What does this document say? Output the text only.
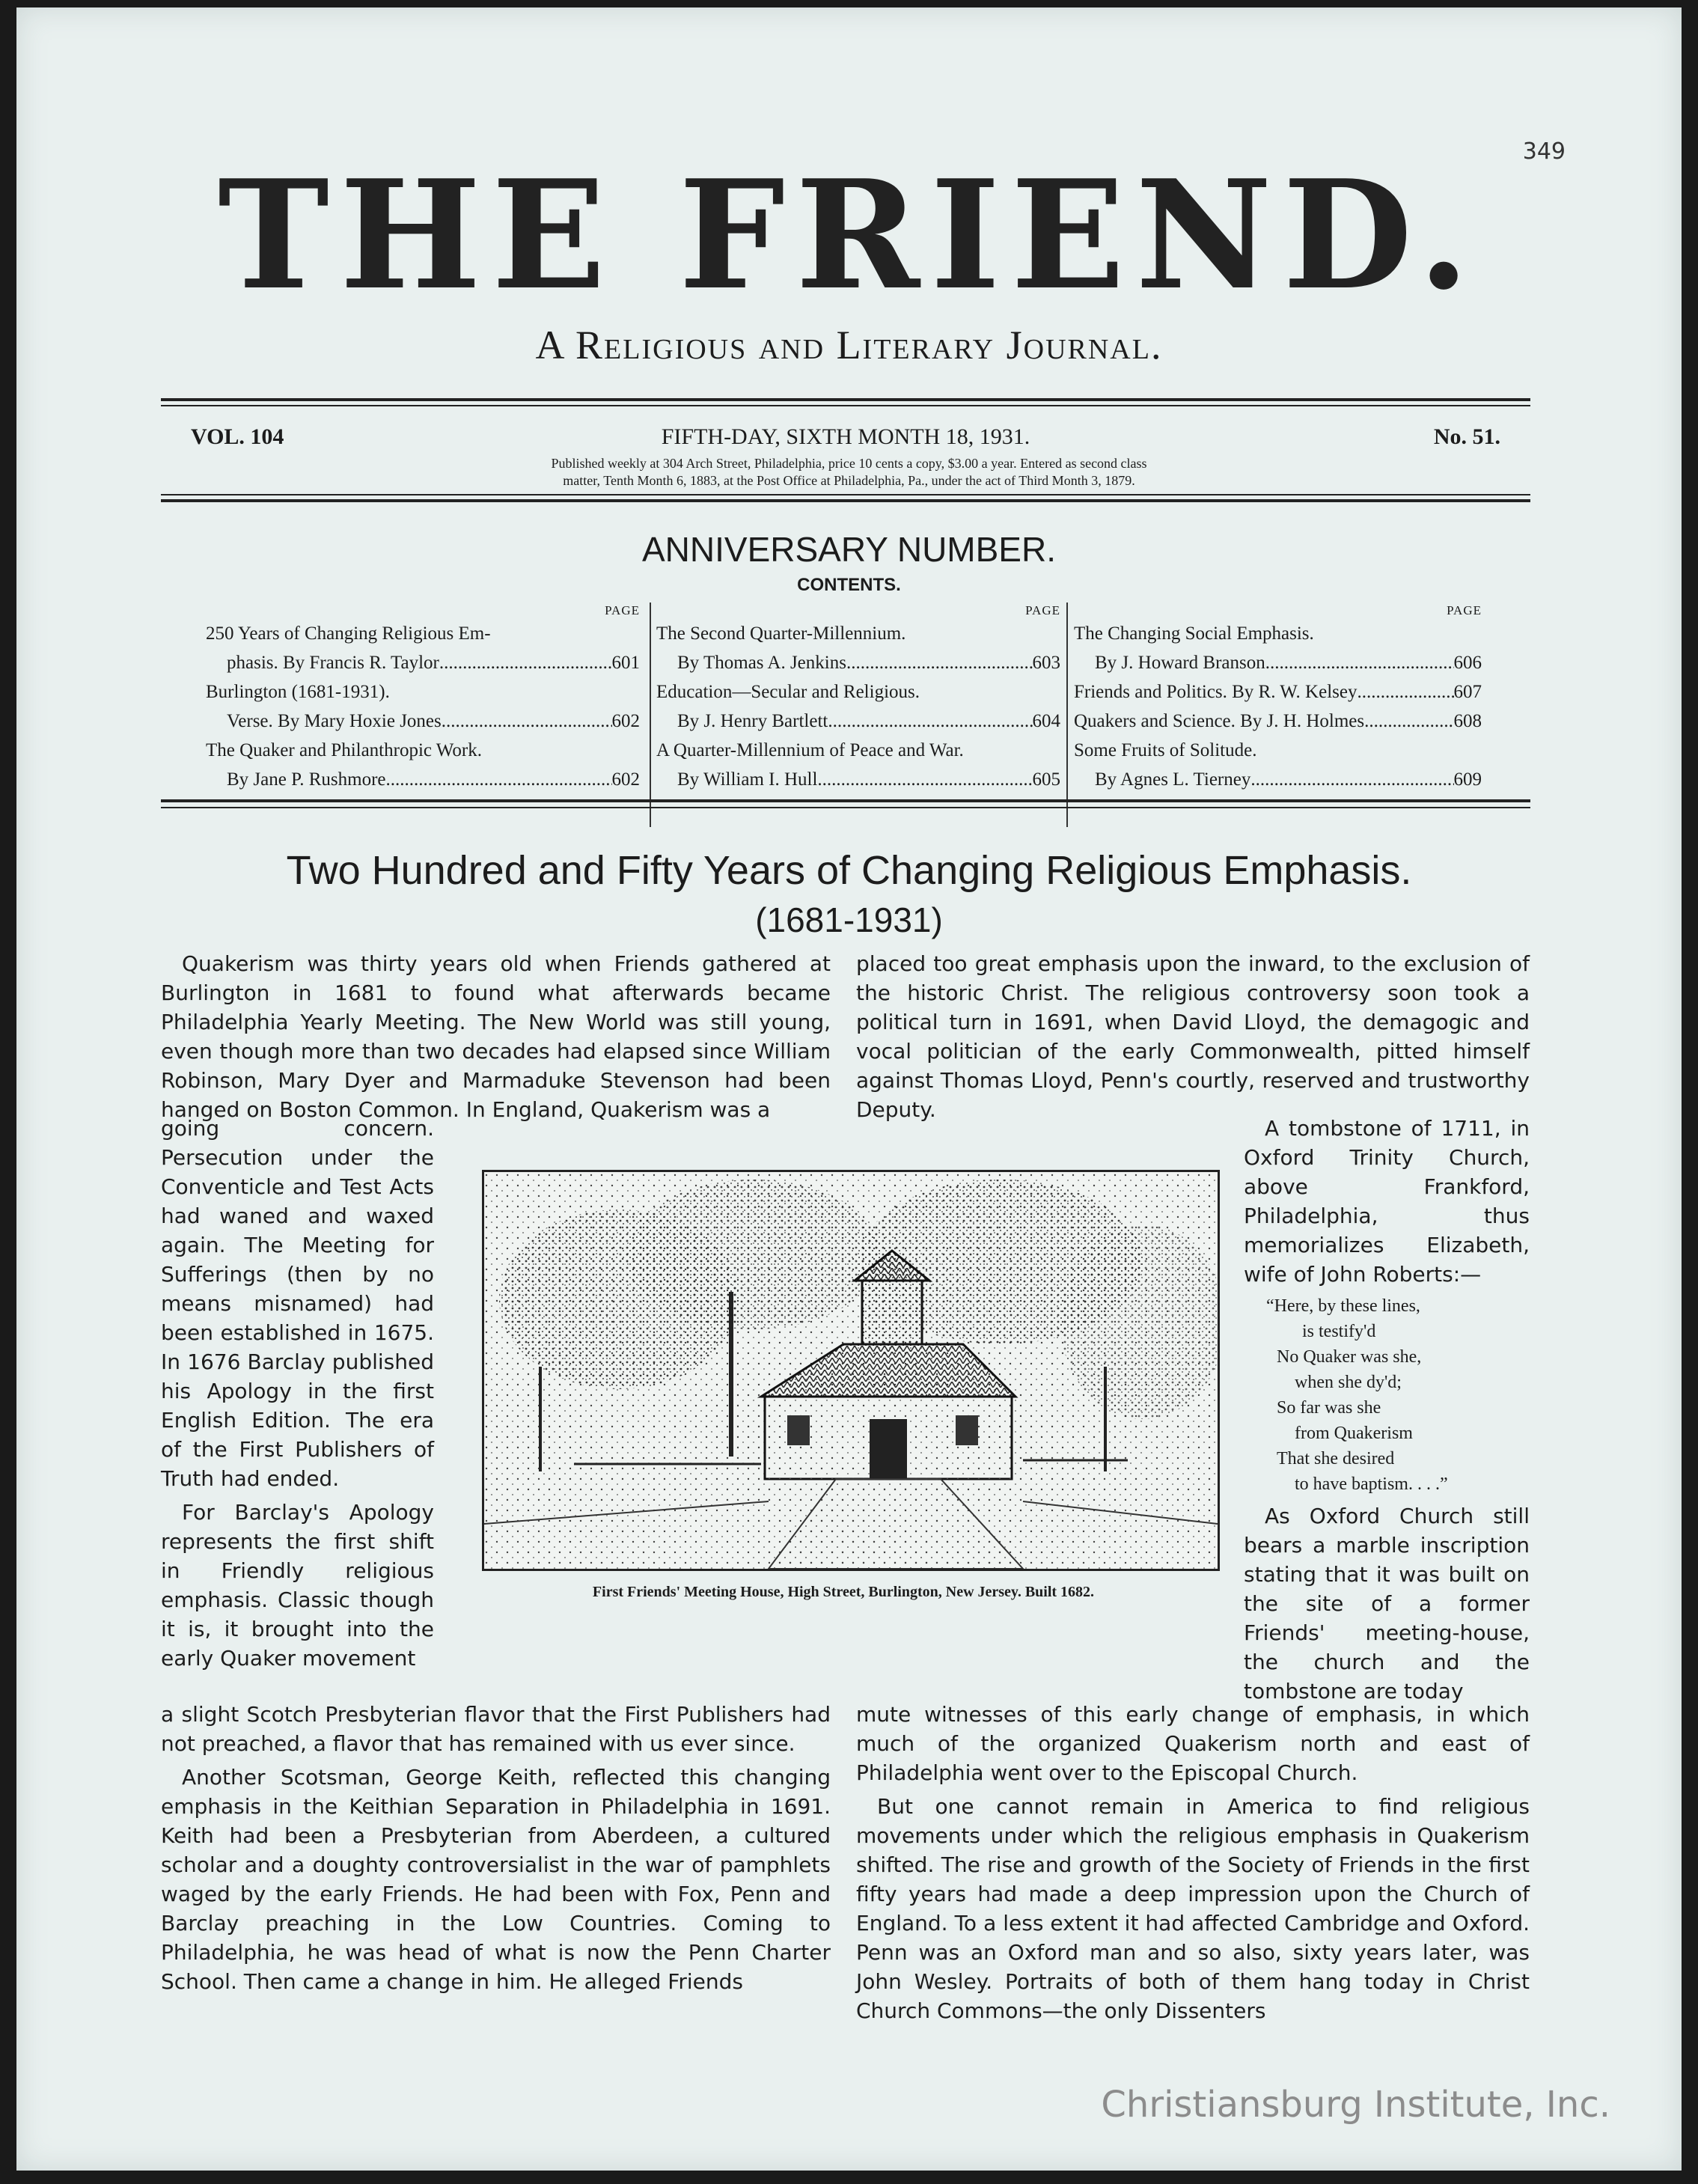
349
THE FRIEND.
A Religious and Literary Journal.
VOL. 104	FIFTH-DAY, SIXTH MONTH 18, 1931.	No. 51.
Published weekly at 304 Arch Street, Philadelphia, price 10 cents a copy, $3.00 a year. Entered as second class
matter, Tenth Month 6, 1883, at the Post Office at Philadelphia, Pa., under the act of Third Month 3, 1879.
ANNIVERSARY NUMBER.
CONTENTS.
PAGE
250 Years of Changing Religious Em-
phasis. By Francis R. Taylor .....	601
Burlington (1681-1931).
Verse. By Mary Hoxie Jones .....	602
The Quaker and Philanthropic Work.
By Jane P. Rushmore .....	602
PAGE
The Second Quarter-Millennium.
By Thomas A. Jenkins .....	603
Education—Secular and Religious.
By J. Henry Bartlett .....	604
A Quarter-Millennium of Peace and War.
By William I. Hull .....	605
PAGE
The Changing Social Emphasis.
By J. Howard Branson .....	606
Friends and Politics. By R. W. Kelsey .....	607
Quakers and Science. By J. H. Holmes .....	608
Some Fruits of Solitude.
By Agnes L. Tierney .....	609
Two Hundred and Fifty Years of Changing Religious Emphasis.
(1681-1931)

Quakerism was thirty years old when Friends gathered at Burlington in 1681 to found what afterwards became Philadelphia Yearly Meeting. The New World was still young, even though more than two decades had elapsed since William Robinson, Mary Dyer and Marmaduke Stevenson had been hanged on Boston Common. In England, Quakerism was a

going concern. Persecution under the Conventicle and Test Acts had waned and waxed again. The Meeting for Sufferings (then by no means misnamed) had been established in 1675. In 1676 Barclay published his Apology in the first English Edition. The era of the First Publishers of Truth had ended.

For Barclay's Apology represents the first shift in Friendly religious emphasis. Classic though it is, it brought into the early Quaker movement

a slight Scotch Presbyterian flavor that the First Publishers had not preached, a flavor that has remained with us ever since.

Another Scotsman, George Keith, reflected this changing emphasis in the Keithian Separation in Philadelphia in 1691. Keith had been a Presbyterian from Aberdeen, a cultured scholar and a doughty controversialist in the war of pamphlets waged by the early Friends. He had been with Fox, Penn and Barclay preaching in the Low Countries. Coming to Philadelphia, he was head of what is now the Penn Charter School. Then came a change in him. He alleged Friends

placed too great emphasis upon the inward, to the exclusion of the historic Christ. The religious controversy soon took a political turn in 1691, when David Lloyd, the demagogic and vocal politician of the early Commonwealth, pitted himself against Thomas Lloyd, Penn's courtly, reserved and trustworthy Deputy.

A tombstone of 1711, in Oxford Trinity Church, above Frankford, Philadelphia, thus memorializes Elizabeth, wife of John Roberts:—

“Here, by these lines,
is testify'd
No Quaker was she,
when she dy'd;
So far was she
from Quakerism
That she desired
to have baptism. . . .”

As Oxford Church still bears a marble inscription stating that it was built on the site of a former Friends' meeting-house, the church and the tombstone are today

mute witnesses of this early change of emphasis, in which much of the organized Quakerism north and east of Philadelphia went over to the Episcopal Church.

But one cannot remain in America to find religious movements under which the religious emphasis in Quakerism shifted. The rise and growth of the Society of Friends in the first fifty years had made a deep impression upon the Church of England. To a less extent it had affected Cambridge and Oxford. Penn was an Oxford man and so also, sixty years later, was John Wesley. Portraits of both of them hang today in Christ Church Commons—the only Dissenters

First Friends' Meeting House, High Street, Burlington, New Jersey. Built 1682.
Christiansburg Institute, Inc.
